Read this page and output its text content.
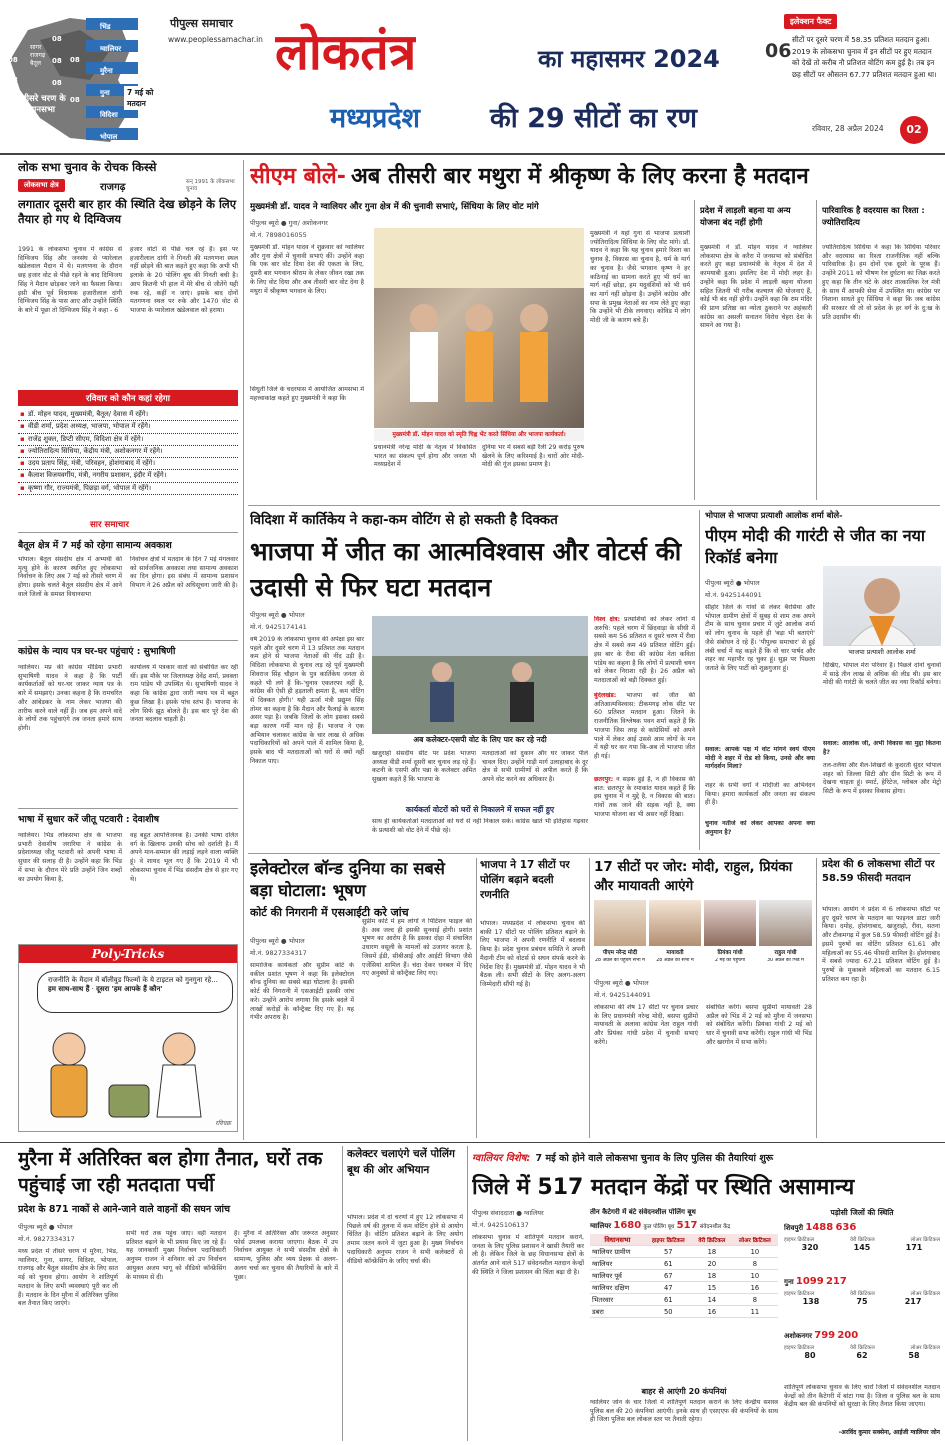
भिंड
ग्वालियर
मुरैना
गुना
विदिशा
भोपाल
08
08
08
08
08
08
08
08
सागर
राजगढ़
बैतूल
तीसरे चरण के
विधानसभा
क्षेत्र
7 मई को
मतदान
पीपुल्स समाचार
www.peoplessamachar.in लोकतंत्र	का महासमर 2024
मध्यप्रदेश	की 29 सीटों का रण
इलेक्शन फैक्ट
06
सीटों पर दूसरे चरण में 58.35 प्रतिशत मतदान हुआ। 2019 के लोकसभा चुनाव में इन सीटों पर हुए मतदान को देखें तो करीब नौ प्रतिशत वोटिंग कम हुई है। तब इन छह सीटों पर औसतन 67.77 प्रतिशत मतदान हुआ था।
रविवार, 28 अप्रैल 2024	02
लोक सभा चुनाव के रोचक किस्से
लोकसभा क्षेत्र	राजगढ़	सन्‌ 1991 के लोकसभा चुनाव
लगातार दूसरी बार हार की स्थिति देख छोड़ने के लिए तैयार हो गए थे दिग्विजय
1991 के लोकसभा चुनाव में कांग्रेस से दिग्विजय सिंह और जनसंघ से प्यारेलाल खंडेलवाल मैदान में थे। मतगणना के दौरान छह हजार वोट से पीछे रहने के बाद दिग्विजय सिंह ने मैदान छोड़कर जाने का फैसला किया। इसी बीच पूर्व विधायक हजारीलाल दांगी दिग्विजय सिंह के पास आए और उन्होंने स्थिति के बारे में पूछा तो दिग्विजय सिंह ने कहा - 6
हजार वोटों से पीछे चल रहे हैं। इस पर हजारीलाल दांगी ने गिनती की मतगणना स्थल नहीं छोड़ने की बात कहते हुए कहा कि अभी भी इलाके के 20 पोलिंग बूथ की गिनती बची है। आप कितनी भी हाल में मेरे बीच से जीतेंगे यही रुक रहे, कहीं न जाएं। इसके बाद दोनों मतगणना स्थल पर रुके और 1470 वोट से भाजपा के प्यारेलाल खंडेलवाल को हराया।
रविवार को कौन कहां रहेगा
▪ डॉ. मोहन यादव, मुख्यमंत्री, बैतूल/ देवास में रहेंगे।
▪ वीडी शर्मा, प्रदेश अध्यक्ष, भाजपा, भोपाल में रहेंगे।
▪ राजेंद्र शुक्ल, डिप्टी सीएम, विदिशा क्षेत्र में रहेंगे।
▪ ज्योतिरादित्य सिंधिया, केंद्रीय मंत्री, अशोकनगर में रहेंगे।
▪ उदय प्रताप सिंह, मंत्री, परिवहन, होशंगाबाद में रहेंगे।
▪ कैलाश विजयवर्गीय, मंत्री, नगरीय प्रशासन, इंदौर में रहेंगे।
▪ कृष्णा गौर, राज्यमंत्री, पिछड़ा वर्ग, भोपाल में रहेंगे।
सार समाचार
बैतूल क्षेत्र में 7 मई को रहेगा सामान्य अवकाश
भोपाल। बैतूल संसदीय क्षेत्र में अभ्यर्थी की मृत्यु होने के कारण स्थगित हुए लोकसभा निर्वाचन के लिए अब 7 मई को तीसरे चरण में होगा। इसके चलते बैतूल संसदीय क्षेत्र में आने वाले जिलों के समस्त विधानसभा
निर्वाचन क्षेत्रों में मतदान के दिन 7 मई मंगलवार को सार्वजनिक अवकाश तथा सामान्य अवकाश का दिन होगा। इस संबंध में सामान्य प्रशासन विभाग ने 26 अप्रैल को अधिसूचना जारी की है।
कांग्रेस के न्याय पत्र घर-घर पहुंचाएं : सुभाषिणी
ग्वालियर। मप्र की कांग्रेस मीडिया प्रभारी सुभाषिणी यादव ने कहा है कि पार्टी कार्यकर्ताओं को घर-घर जाकर न्याय पत्र के बारे में समझाएं। उनका कहना है कि रामचरित और आंबेडकर के नाम लेकर भाजपा की तारीफ करने वाले नहीं हैं। जब हम अपने वादे के लोगों तक पहुंचाएंगे तब जनता हमारे साथ होगी।
कार्यालय में पत्रकार वार्ता को संबोधित कर रही थीं। इस मौके पर जिलाध्यक्ष देवेंद्र शर्मा, प्रवक्ता राम पांडेय भी उपस्थित थे। सुभाषिणी यादव ने कहा कि कांग्रेस द्वारा जारी न्याय पत्र में बहुत कुछ लिखा है। इसके पांच स्तंभ हैं। भाजपा के लोग सिर्फ झूठ बोलते हैं। इस बार पूरे देश की जनता बदलाव चाहती है।
भाषा में सुधार करें जीतू पटवारी : देवाशीष
ग्वालियर। भिंड लोकसभा क्षेत्र के भाजपा प्रभारी देवाशीष जरारिया ने कांग्रेस के प्रदेशाध्यक्ष जीतू पटवारी को अपनी भाषा में सुधार की सलाह दी है। उन्होंने कहा कि भिंड में सभा के दौरान मेरे प्रति उन्होंने जिन शब्दों का उपयोग किया है,
वह बहुत आपत्तिजनक है। उनकी भाषा दलित वर्ग के खिलाफ उनकी सोच को दर्शाती है। मैं अपने मान-सम्मान की लड़ाई लड़ने वाला व्यक्ति हूं। वे शायद भूल गए हैं कि 2019 में भी लोकसभा चुनाव में भिंड संसदीय क्षेत्र से हार गए थे।
Poly-Tricks
राजनीति के मैदान में बॉलीवुड फिल्मों के ये टाइटल को गुनगुना रहे...
हम साथ-साथ हैं · दूसरा 'हम आपके हैं कौन'
रविचक्र
सीएम बोले- अब तीसरी बार मथुरा में श्रीकृष्ण के लिए करना है मतदान
मुख्यमंत्री डॉ. यादव ने ग्वालियर और गुना क्षेत्र में की चुनावी सभाएं, सिंधिया के लिए वोट मांगे
पीपुल्स ब्यूरो ● गुना/ अशोकनगर
मो.नं. 7898016055
मुख्यमंत्री डॉ. मोहन यादव ने शुक्रवार को ग्वालियर और गुना क्षेत्रों में चुनावी सभाएं कीं। उन्होंने कहा कि एक बार वोट दिया देश की एकता के लिए, दूसरी बार भगवान श्रीराम के लेकर जीवन रखा तक के लिए वोट दिया और अब तीसरी बार वोट देना है मथुरा में श्रीकृष्ण भगवान के लिए।
सिंधुती जिले के चदरयास में आयोजित आमसभा में महत्त्वाकांक्ष कहते हुए मुख्यमंत्री ने कहा कि
मुख्यमंत्री डॉ. मोहन यादव को स्मृति चिह्न भेंट करते सिंधिया और भाजपा कार्यकर्ता।
प्रधानमंत्री नरेन्द्र मोदी के नेतृत्व में विकसित भारत का संकल्प पूर्ण होगा और जनता भी मध्यप्रदेश में
दुनिया भर में सबसे बड़ी रैली 29 करोड़ पुरुष खेलने के लिए करिश्माई है। चारों ओर मोदी-मोदी की गूंज इसका प्रमाण है।
मुख्यमंत्री ने यहां गुना से भाजपा प्रत्याशी ज्योतिरादित्य सिंधिया के लिए वोट मांगे। डॉ. यादव ने कहा कि यह चुनाव हमारे रिश्ता का चुनाव है, विकास का चुनाव है, धर्म के मार्ग का चुनाव है। जैसे भगवान कृष्ण ने हर कठिनाई का सामना करते हुए भी धर्म का मार्ग नहीं छोड़ा, हम यदुवंशियों को भी धर्म का मार्ग नहीं छोड़ना है। उन्होंने कांग्रेस और सपा के प्रमुख नेताओं का नाम लेते हुए कहा कि उन्होंने भी टीके लगवाए। कोविड में लोग मोदी जी के कारण बचे हैं।
प्रदेश में लाड़ली बहना या अन्य योजना बंद नहीं होगी
मुख्यमंत्री ने डॉ. मोहन यादव ने ग्वालियर लोकसभा क्षेत्र के करैरा में जनसभा को संबोधित करते हुए कहा प्रधानमंत्री के नेतृत्व में देश में कामयाबी हुआ। इसलिए देश में मोदी लहर है। उन्होंने कहा कि प्रदेश में लाड़ली बहना योजना सहित जितनी भी गरीब कल्याण की योजनाएं हैं, कोई भी बंद नहीं होगी। उन्होंने कहा कि राम मंदिर की प्राण प्रतिष्ठा का न्योता ठुकराने पर अहंकारी कांग्रेस का असली सनातन विरोध चेहरा देश के सामने आ गया है।
पारिवारिक है वदरयास का रिश्ता : ज्योतिरादित्य
ज्योतिरादित्य सिंधिया ने कहा कि सिंधिया परिवार और वदरयास का रिश्ता राजनीतिक नहीं बल्कि पारिवारिक है। हम दोनों एक दूसरे के पूरक हैं। उन्होंने 2011 को भीषण रेल दुर्घटना का जिक्र करते हुए कहा कि तीन घंटे के अंदर तात्कालिक रेल मंत्री के साथ मैं आपकी सेवा में उपस्थित था। कांग्रेस पर निशाना साधते हुए सिंधिया ने कहा कि जब कांग्रेस की सरकार थी तो वो प्रदेश के हर वर्ग के दु:ख के प्रति उदासीन थी।
विदिशा में कार्तिकेय ने कहा-कम वोटिंग से हो सकती है दिक्कत
भाजपा में जीत का आत्मविश्वास और वोटर्स की उदासी से फिर घटा मतदान
पीपुल्स ब्यूरो ● भोपाल
मो.नं. 9425174141
वर्ष 2019 के लोकसभा चुनाव की अपेक्षा इस बार पहले और दूसरे चरण में 13 प्रतिशत तक मतदान कम होने से भाजपा नेताओं की नींद उड़ी है। विदिशा लोकसभा से चुनाव लड़ रहे पूर्व मुख्यमंत्री शिवराज सिंह चौहान के पुत्र कार्तिकेय जनता से कहते भी लगे हैं कि-'चुनाव एकतरफा नहीं है, कांग्रेस की ऐसी ही हड़ताली क्षमता है, कम वोटिंग से दिक्कत होगी।' यही ऊर्जा मंत्री प्रद्युम्न सिंह तोमर का कहना है कि मैदान और फैलाई के कारण असर पड़ा है। जबकि जिलों के लोग इसका सबसे बड़ा कारण गर्मी मान रहे हैं। भाजपा ने एक अभियान चलाकर कांग्रेस के चार लाख से अधिक पदाधिकारियों को अपने पाले में शामिल किया है, इसके बाद भी मतदाताओं को घरों से क्यों नहीं निकाल पाए।
अब कलेक्टर-एसपी वोट के लिए पार कर रहे नदी
खजुराहो संसदीय सीट पर प्रदेश भाजपा अध्यक्ष वीडी शर्मा दूसरी बार चुनाव लड़ रहे हैं। कटनी के एसपी और पन्ना के कलेक्टर अमित सुखला कहते हैं कि भाजपा के
मतदाताओं को दुकान और घर जाकर पीले चावल दिए। उन्होंने गाड़ी मार्ग उलाहाबाद के दूर क्षेत्र से सभी ग्रामीणों से अपील करते हैं कि अपने वोट करने का अधिकार है।
कार्यकर्ता वोटरों को घरों से निकालने में सफल नहीं हुए
साथ ही कार्यकर्ताओं मतदाताओं को घरों से नहीं निकाल सके। कांग्रेस खाते भी इतिहास गढ़वार के प्रत्याशी को वोट देने में पीछे रहे।
विश्व क्षेत्र: प्रत्याशियों को लेकर लोगों में अरुचि: पहले चरण में छिंदवाड़ा के सीधी में सबसे कम 56 प्रतिशत व दूसरे चरण में रीवा क्षेत्र में सबसे कम 49 प्रतिशत वोटिंग हुई। इस बार के रीवा की कांग्रेस नेता कविता पांडेय का कहना है कि लोगों में प्रत्याशी चयन को लेकर निराशा रही है। 26 अप्रैल को मतदाताओं को बड़ी दिक्कत हुई।
बुंदेलखंड: भाजपा को जीत की अतिआत्मविश्वास: टीकमगढ़ लोक सीट पर 60 प्रतिशत मतदान हुआ। जितने के राजनीतिक विश्लेषक पवन शर्मा कहते हैं कि भाजपा जिस तरह से कांग्रेसियों को अपने पाले में लेकर आई उससे आम लोगों के मन में यही घर कर गया कि-अब तो भाजपा जीत ही गई।
छतरपुर: न सड़क हुई है, न ही विकास की बात: छतरपुर के रमाकांत यादव कहते हैं कि इस चुनाव में न मुद्दे है, न विकास की बात। गांवों तक जाने की सड़क नहीं है, क्या भाजपा योजना का भी असर नहीं दिखा।
भोपाल से भाजपा प्रत्याशी आलोक शर्मा बोले-
पीएम मोदी की गारंटी से जीत का नया रिकॉर्ड बनेगा
पीपुल्स ब्यूरो ● भोपाल
मो.नं. 9425144091
सीहोर जिले के गांवों से लेकर बैरसिया और भोपाल ग्रामीण क्षेत्रों में सुबह से शाम तक अपने टीम के साथ चुनाव प्रचार में जुटे आलोक शर्मा को लोग चुनाव के पहले ही 'बड़ा भी बताएंगे' जैसे संबोधन दे रहे हैं। 'पीपुल्स समाचार' से हुई लंबी चर्चा में यह कहते हैं कि वो चार पार्षद और शहर का महापौर रह चुका हूं। सुझ पर पिछ्ला जताते के लिए पार्टी को शुक्रगुजार हूं।
सवाल: आपके पक्ष में वोट मांगने स्वयं पीएम मोदी ने शहर में रोड शो किया, उनसे और क्या मार्गदर्शन मिला?
शहर के सभी वर्गों ने मोदीजी का अभिनंदन किया। हमारा कार्यकर्ता और जनता का संकल्प ही है।
चुनाव नतीजे को लेकर आपका अपना क्या अनुमान है?
भाजपा प्रत्याशी आलोक शर्मा
दिखिए, भोपाल मेरा परिवार है। पिछले दोनों चुनावों में साढ़े तीन लाख से अधिक की लीड थी। इस बार मोदी की गारंटी के चलते जीत का नया रिकॉर्ड बनेगा।
सवाल: आलोक जी, अभी विकास का मुद्दा कितना है?
तल-तलैया और शैल-शिखरों के कुदरती सुंदर भोपाल शहर को जिल्ला सिटी और ग्रीन सिटी के रूप में देखना चाहता हूं। स्मार्ट, हेरिटेज, ग्लोबल और मेट्रो सिटी के रूप में इसका विकास होगा।
इलेक्टोरल बॉन्ड दुनिया का सबसे बड़ा घोटाला: भूषण
कोर्ट की निगरानी में एसआईटी करे जांच
पीपुल्स ब्यूरो ● भोपाल
मो.नं. 9827334317
सामाजिक कार्यकर्ता और सुप्रीम कोर्ट के वकील प्रशांत भूषण ने कहा कि इलेक्टोरल बॉन्ड दुनिया का सबसे बड़ा घोटाला है। इसकी कोर्ट की निगरानी में एसआईटी इसकी जांच करे। उन्होंने आरोप लगाया कि इसके बदले में लाखों करोड़ों के कॉन्ट्रैक्ट दिए गए हैं। यह गंभीर अपराध है।
सुप्रीम कोर्ट में हम लोगों ने पिटिशन फाइल की है। अब जल्द ही इसकी सुनवाई होगी। प्रशांत भूषण का आरोप है कि इसका दोहा में संचालित उधारण वसूली के मामलों को उजागर करता है, जिसमें ईडी, सीबीआई और आईटी विभाग जैसे एजेंसियां शामिल हैं। चंदा देकर धनबल में दिए गए अनुबंधों से कॉन्ट्रैक्ट लिए गए।
भाजपा ने 17 सीटों पर पोलिंग बढ़ाने बदली रणनीति
भोपाल। मध्यप्रदेश में लोकसभा चुनाव की बाकी 17 सीटों पर पोलिंग प्रतिशत बढ़ाने के लिए भाजपा ने अपनी रणनीति में बदलाव किया है। प्रदेश चुनाव प्रबंधन समिति ने अपनी मैदानी टीम को वोटर्स से सघन संपर्क करने के निर्देश दिए हैं। मुख्यमंत्री डॉ. मोहन यादव ने भी बैठक ली। सभी सीटों के लिए अलग-अलग जिम्मेदारी सौंपी गई है।
17 सीटों पर जोर: मोदी, राहुल, प्रियंका और मायावती आएंगे
पीएम नरेन्द्र मोदी
28 अप्रैल को पहुंचेंगे सभा में
मायावती
28 अप्रैल को सभा में
प्रियंका गांधी
2 मई को पहुंचेंगी
राहुल गांधी
30 अप्रैल को भिंड में
पीपुल्स ब्यूरो ● भोपाल
मो.नं. 9425144091
लोकसभा की शेष 17 सीटों पर चुनाव प्रचार के लिए प्रधानमंत्री नरेन्द्र मोदी, बसपा सुप्रीमो मायावती के अलावा कांग्रेस नेता राहुल गांधी और प्रियंका गांधी प्रदेश में चुनावी सभाएं करेंगे।
संबोधित करेंगे। बसपा सुप्रीमो मायावती 28 अप्रैल को भिंड में 2 मई को मुरैना में जनसभा को संबोधित करेंगी। प्रियंका गांधी 2 मई को धार में चुनावी सभा करेंगी। राहुल गांधी भी भिंड और खरगोन में सभा करेंगे।
प्रदेश की 6 लोकसभा सीटों पर 58.59 फीसदी मतदान
भोपाल। आयोग ने प्रदेश में 6 लोकसभा सीटों पर हुए दूसरे चरण के मतदान का फाइनल डाटा जारी किया। दमोह, होशंगाबाद, खजुराहो, रीवा, सतना और टीकमगढ़ में कुल 58.59 फीसदी वोटिंग हुई है। इसमें पुरुषों का वोटिंग प्रतिशत 61.61 और महिलाओं का 55.46 फीसदी शामिल है। होशंगाबाद में सबसे ज्यादा 67.21 प्रतिशत वोटिंग हुई है। पुरुषों के मुकाबले महिलाओं का मतदान 6.15 प्रतिशत कम रहा है।
मुरैना में अतिरिक्त बल होगा तैनात, घरों तक पहुंचाई जा रही मतदाता पर्ची
प्रदेश के 871 नाकों से आने-जाने वाले वाहनों की सघन जांच
पीपुल्स ब्यूरो ● भोपाल
मो.नं. 9827334317
मध्य प्रदेश में तीसरे चरण में मुरैना, भिंड, ग्वालियर, गुना, सागर, विदिशा, भोपाल, राजगढ़ और बैतूल संसदीय क्षेत्र के लिए सात मई को चुनाव होगा। आयोग ने शांतिपूर्ण मतदान के लिए सभी व्यवस्थाएं पूरी कर ली हैं। मतदान के दिन मुरैना में अतिरिक्त पुलिस बल तैनात किए जाएंगे।
सभी घरों तक पहुंच जाए। वहीं मतदान प्रतिशत बढ़ाने के भी प्रयास किए जा रहे हैं। यह जानकारी मुख्य निर्वाचन पदाधिकारी अनुपम राजन ने शनिवार को उप निर्वाचन आयुक्त अजय भागू को वीडियो कॉन्फ्रेंसिंग के माध्यम से दी।
है। मुरैना में अतिरिक्त और जरूरत अनुसार फोर्स उपलब्ध कराया जाएगा। बैठक में उप निर्वाचन आयुक्त ने सभी संसदीय क्षेत्रों के सामान्य, पुलिस और व्यय प्रेक्षक से अलग-अलग चर्चा कर चुनाव की तैयारियों के बारे में पूछा।
कलेक्टर चलाएंगे चलें पोलिंग बूथ की ओर अभियान
भोपाल। प्रदेश में दो चरणों में हुए 12 लोकसभा में पिछले वर्ष की तुलना में कम वोटिंग होने से आयोग चिंतित है। वोटिंग प्रतिशत बढ़ाने के लिए अयोग तमाम जतन करने में जुटा हुआ है। मुख्य निर्वाचन पदाधिकारी अनुपम राजन ने सभी कलेक्टरों से वीडियो कॉन्फ्रेंसिंग के जरिए चर्चा की।
ग्वालियर विशेष: 7 मई को होने वाले लोकसभा चुनाव के लिए पुलिस की तैयारियां शुरू
जिले में 517 मतदान केंद्रों पर स्थिति असामान्य
पीपुल्स संवाददाता ● ग्वालियर
मो.नं. 9425106137
लोकसभा चुनाव में शांतिपूर्ण मतदान कराने, जनता के लिए पुलिस प्रशासन ने खासी तैयारी कर ली है। लेकिन जिले के छह विधानसभा क्षेत्रों के अंतर्गत आने वाले 517 संवेदनशील मतदान केन्द्रों की स्थिति ने जिला प्रशासन की चिंता बढ़ा दी है।
तीन कैटेगरी में बंटे संवेदनशील पोलिंग बूथ
ग्वालियर 1680 कुल पोलिंग बूथ 517 संवेदनशील केंद्र
विधानसभा	हाइपर क्रिटिकल	वेरी क्रिटिकल	लोअर क्रिटिकल
ग्वालियर ग्रामीण	57	18	10
ग्वालियर	61	20	8
ग्वालियर पूर्व	67	18	10
ग्वालियर दक्षिण	47	15	16
भितरवार	61	14	8
डबरा	50	16	11
बाहर से आएंगी 20 कंपनियां
ग्वालियर जोन के चार जिलों में शांतिपूर्ण मतदान कराने के लिए केन्द्रीय सशस्त्र पुलिस बल की 20 कंपनियां आएंगी। इनके साथ ही एसएएफ की कंपनियों के साथ ही जिला पुलिस बल लोकल स्तर पर तैनाती रहेगा।
पड़ोसी जिलों की स्थिति
शिवपुरी 1488 636
हाइपर क्रिटिकल	वेरी क्रिटिकल	लोअर क्रिटिकल
320	145	171
गुना 1099 217
हाइपर क्रिटिकल	वेरी क्रिटिकल	लोअर क्रिटिकल
138	75	217
अशोकनगर 799 200
हाइपर क्रिटिकल	वेरी क्रिटिकल	लोअर क्रिटिकल
80	62	58
शांतिपूर्ण लोकसभा चुनाव के लिए चारों जिलों में संवेदनशील मतदान केन्द्रों को तीन कैटेगरी में बांटा गया है। जिला व पुलिस बल के साथ केंद्रीय बल की कंपनियों को सुरक्षा के लिए तैनात किया जाएगा।
-अरविंद कुमार सक्सेना, आईजी ग्वालियर जोन
